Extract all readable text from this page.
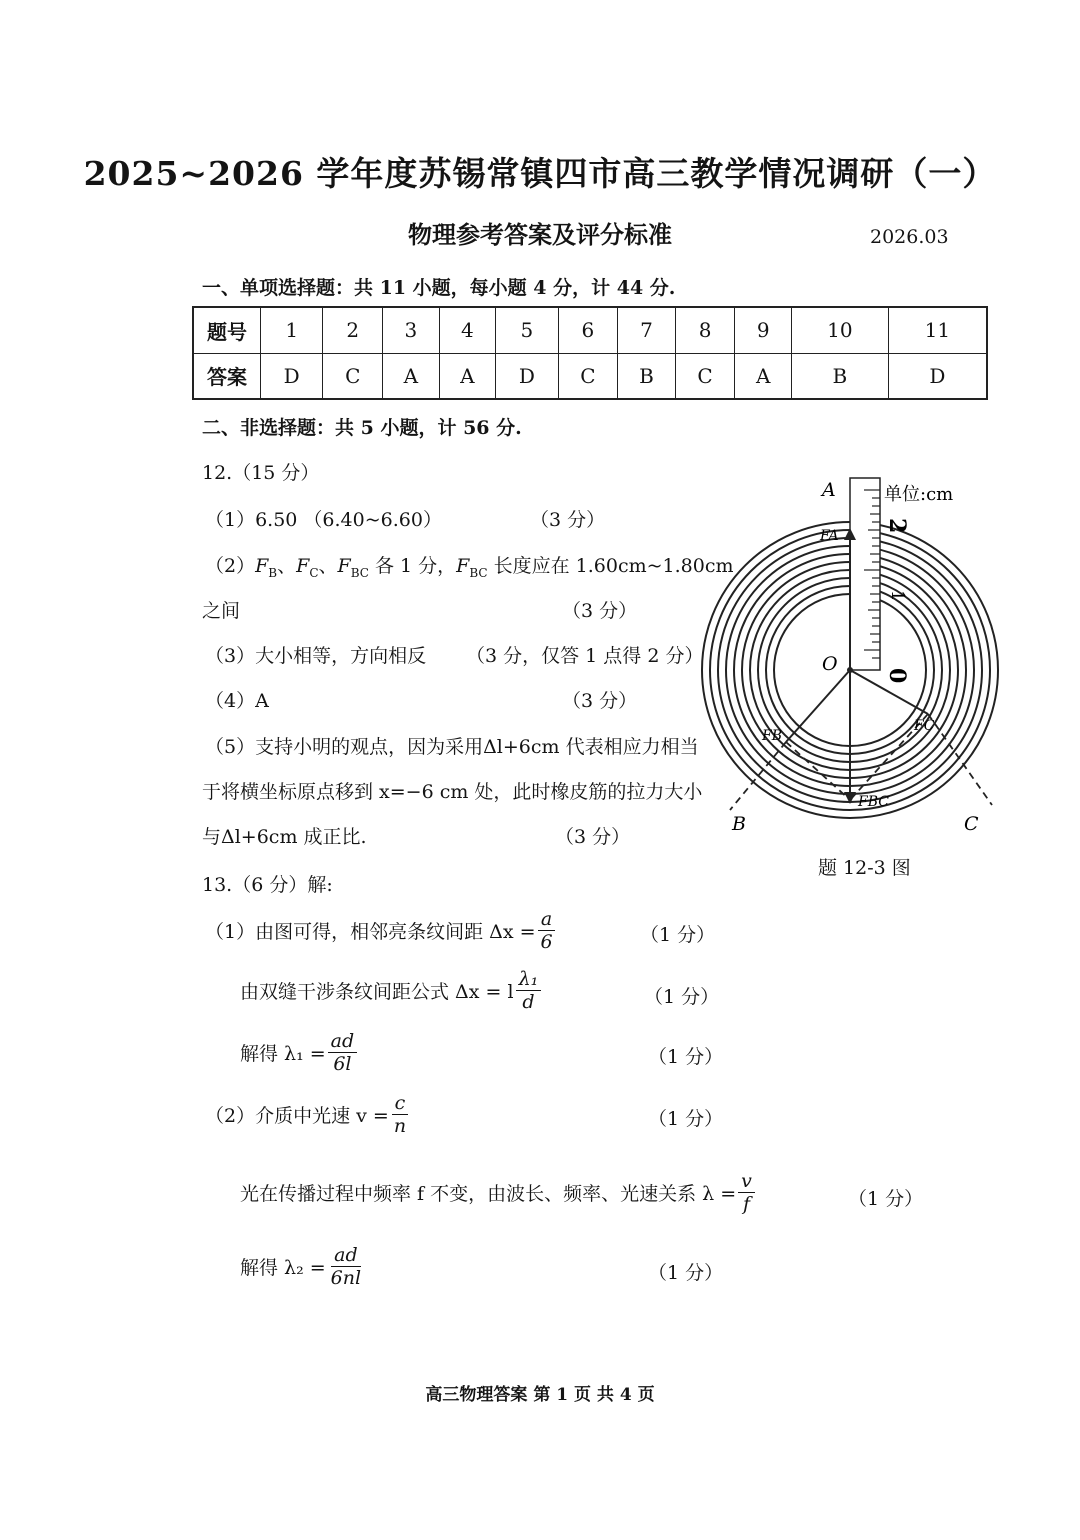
2025~2026 学年度苏锡常镇四市高三教学情况调研（一）
物理参考答案及评分标准	2026.03
一、单项选择题：共 11 小题，每小题 4 分，计 44 分.
题号	1	2	3	4	5	6	7	8	9	10	11
答案	D	C	A	A	D	C	B	C	A	B	D
二、非选择题：共 5 小题，计 56 分.
12.（15 分）
（1）6.50 （6.40~6.60）	（3 分）
$(2)F_B$、$F_C$、$F_{BC}$ 各 1 分，$F_{BC}$ 长度应在 1.60cm~1.80cm
之间	（3 分）
（3）大小相等，方向相反 （3 分，仅答 1 点得 2 分）
（4）A	（3 分）
（5）支持小明的观点，因为采用Δl+6cm 代表相应力相当
于将横坐标原点移到 x=−6 cm 处，此时橡皮筋的拉力大小
与Δl+6cm 成正比.	（3 分）
单位:cm
2
1
0
A
FA
O
FB
FC
FBC
B	C
题 12-3 图
13.（6 分）解:
（1）由图可得，相邻亮条纹间距 $\Delta x = \frac{a}{6}$	（1 分）
由双缝干涉条纹间距公式 Δx = l $\frac{\text{λ₁}}{d}$	（1 分）
解得 $\lambda_1 = \frac{ad}{6l}$	（1 分）
（2）介质中光速 $v = \frac{c}{n}$	（1 分）
光在传播过程中频率 f 不变，由波长、频率、光速关系 $\lambda = \frac{v}{f}$	（1 分）
解得 $\lambda_2 = \frac{ad}{6nl}$	（1 分）
高三物理答案 第 1 页 共 4 页
